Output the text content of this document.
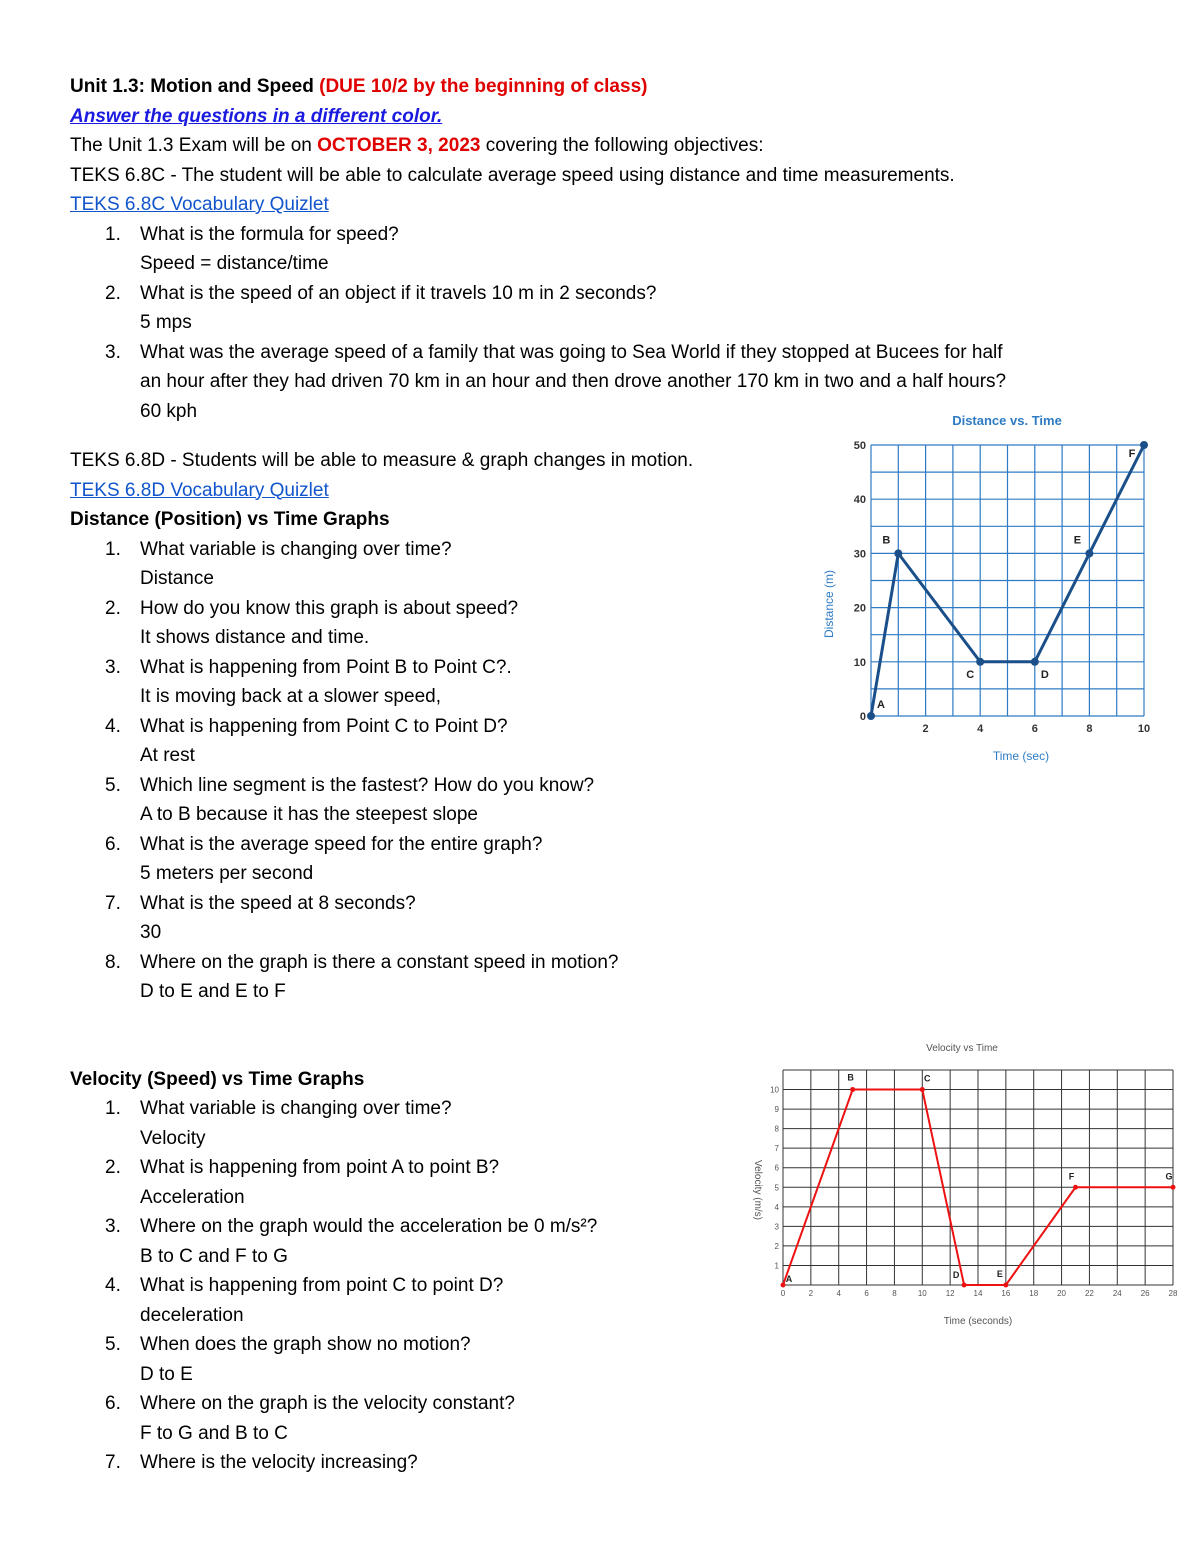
Unit 1.3: Motion and Speed (DUE 10/2 by the beginning of class)
Answer the questions in a different color.
The Unit 1.3 Exam will be on OCTOBER 3, 2023 covering the following objectives:
TEKS 6.8C - The student will be able to calculate average speed using distance and time measurements.
TEKS 6.8C Vocabulary Quizlet
1. What is the formula for speed?
Speed = distance/time
2. What is the speed of an object if it travels 10 m in 2 seconds?
5 mps
3. What was the average speed of a family that was going to Sea World if they stopped at Bucees for half
an hour after they had driven 70 km in an hour and then drove another 170 km in two and a half hours?
60 kph
TEKS 6.8D - Students will be able to measure & graph changes in motion.
TEKS 6.8D Vocabulary Quizlet
Distance (Position) vs Time Graphs
1. What variable is changing over time?
Distance
2. How do you know this graph is about speed?
It shows distance and time.
3. What is happening from Point B to Point C?.
It is moving back at a slower speed,
4. What is happening from Point C to Point D?
At rest
5. Which line segment is the fastest? How do you know?
A to B because it has the steepest slope
6. What is the average speed for the entire graph?
5 meters per second
7. What is the speed at 8 seconds?
30
8. Where on the graph is there a constant speed in motion?
D to E and E to F
Velocity (Speed) vs Time Graphs
1. What variable is changing over time?
Velocity
2. What is happening from point A to point B?
Acceleration
3. Where on the graph would the acceleration be 0 m/s²?
B to C and F to G
4. What is happening from point C to point D?
deceleration
5. When does the graph show no motion?
D to E
6. Where on the graph is the velocity constant?
F to G and B to C
7. Where is the velocity increasing?
Distance vs. Time
0
10
20
30
40
50
2	4	6	8	10
A
B
C	D
E
F
Time (sec)
Distance (m)
Velocity vs Time
1
2
3
4
5
6
7
8
9
10
0	2	4	6	8	10 12 14 16 18 20 22 24 26 28
A
B	C
D	E
F	G
Time (seconds)
Velocity (m/s)
